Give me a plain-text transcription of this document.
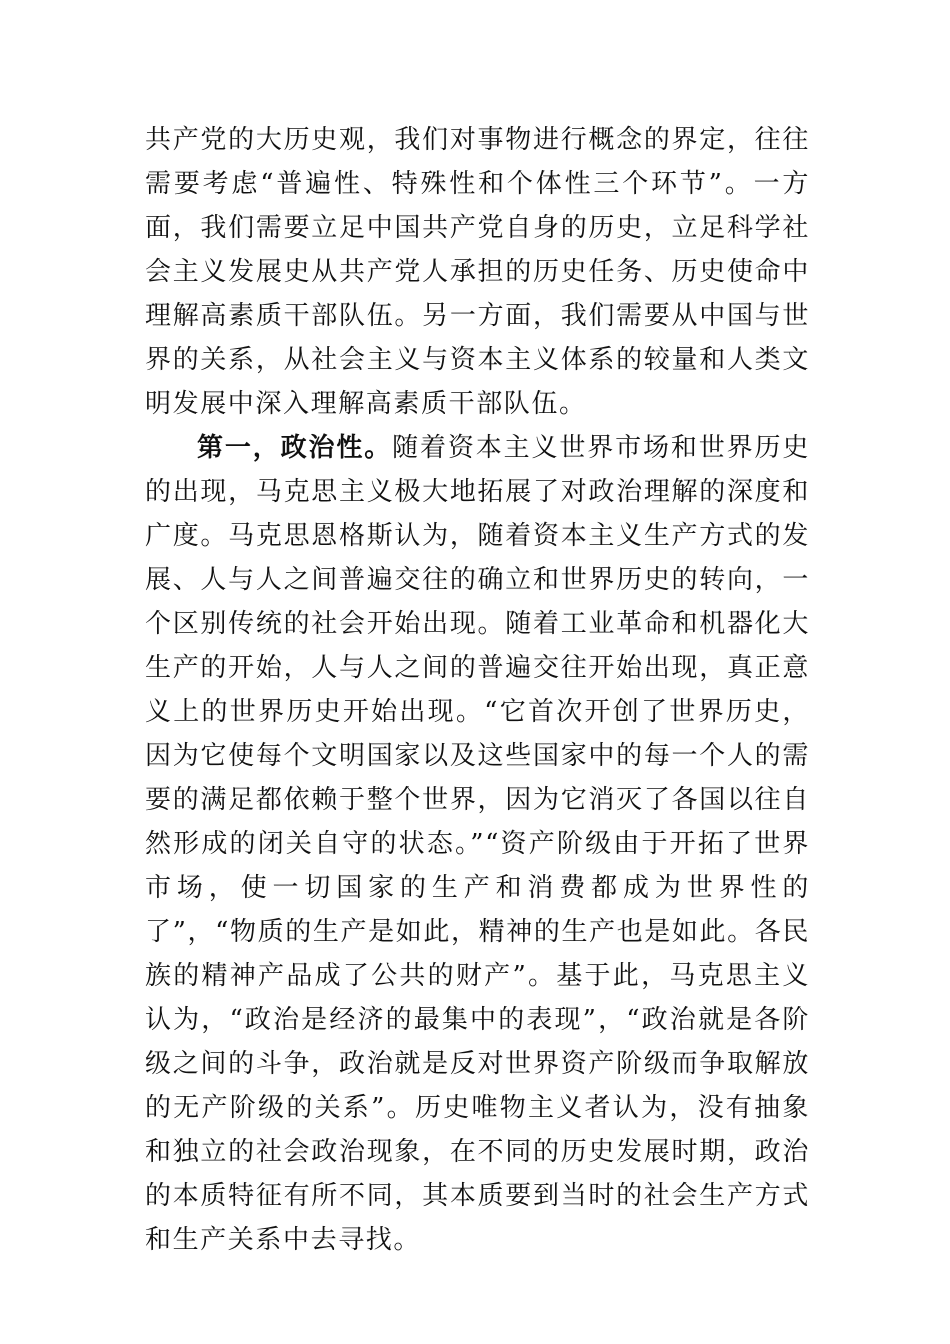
共产党的大历史观，我们对事物进行概念的界定，往往需要考虑“普遍性、特殊性和个体性三个环节”。一方面，我们需要立足中国共产党自身的历史，立足科学社会主义发展史从共产党人承担的历史任务、历史使命中理解高素质干部队伍。另一方面，我们需要从中国与世界的关系，从社会主义与资本主义体系的较量和人类文明发展中深入理解高素质干部队伍。

第一，政治性。随着资本主义世界市场和世界历史的出现，马克思主义极大地拓展了对政治理解的深度和广度。马克思恩格斯认为，随着资本主义生产方式的发展、人与人之间普遍交往的确立和世界历史的转向，一个区别传统的社会开始出现。随着工业革命和机器化大生产的开始，人与人之间的普遍交往开始出现，真正意义上的世界历史开始出现。“它首次开创了世界历史，因为它使每个文明国家以及这些国家中的每一个人的需要的满足都依赖于整个世界，因为它消灭了各国以往自然形成的闭关自守的状态。”“资产阶级由于开拓了世界市场，使一切国家的生产和消费都成为世界性的了”，“物质的生产是如此，精神的生产也是如此。各民族的精神产品成了公共的财产”。基于此，马克思主义认为，“政治是经济的最集中的表现”，“政治就是各阶级之间的斗争，政治就是反对世界资产阶级而争取解放的无产阶级的关系”。历史唯物主义者认为，没有抽象和独立的社会政治现象，在不同的历史发展时期，政治的本质特征有所不同，其本质要到当时的社会生产方式和生产关系中去寻找。
